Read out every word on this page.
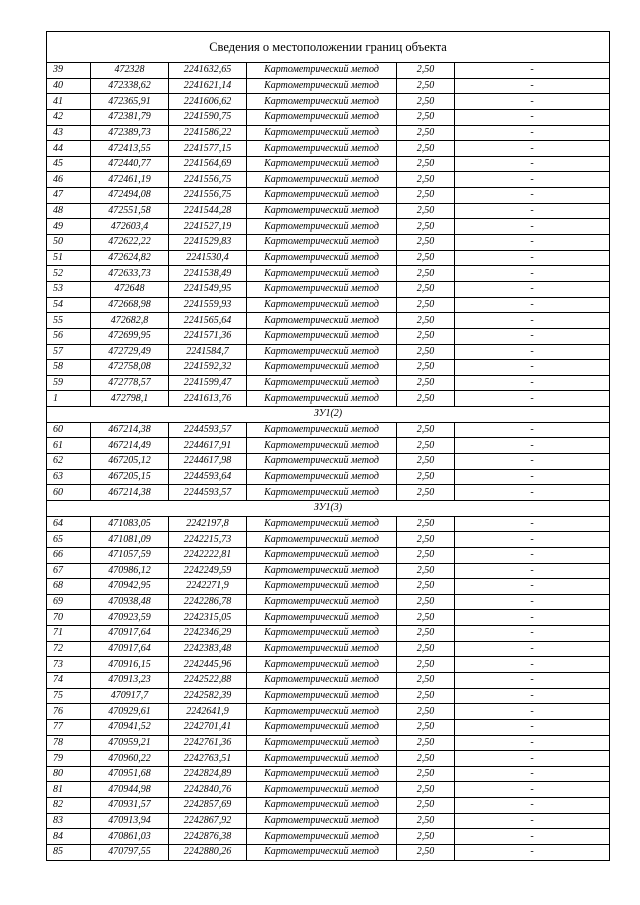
Сведения о местоположении границ объекта					
39	472328	2241632,65	Картометрический метод	2,50	-
40	472338,62	2241621,14	Картометрический метод	2,50	-
41	472365,91	2241606,62	Картометрический метод	2,50	-
42	472381,79	2241590,75	Картометрический метод	2,50	-
43	472389,73	2241586,22	Картометрический метод	2,50	-
44	472413,55	2241577,15	Картометрический метод	2,50	-
45	472440,77	2241564,69	Картометрический метод	2,50	-
46	472461,19	2241556,75	Картометрический метод	2,50	-
47	472494,08	2241556,75	Картометрический метод	2,50	-
48	472551,58	2241544,28	Картометрический метод	2,50	-
49	472603,4	2241527,19	Картометрический метод	2,50	-
50	472622,22	2241529,83	Картометрический метод	2,50	-
51	472624,82	2241530,4	Картометрический метод	2,50	-
52	472633,73	2241538,49	Картометрический метод	2,50	-
53	472648	2241549,95	Картометрический метод	2,50	-
54	472668,98	2241559,93	Картометрический метод	2,50	-
55	472682,8	2241565,64	Картометрический метод	2,50	-
56	472699,95	2241571,36	Картометрический метод	2,50	-
57	472729,49	2241584,7	Картометрический метод	2,50	-
58	472758,08	2241592,32	Картометрический метод	2,50	-
59	472778,57	2241599,47	Картометрический метод	2,50	-
1	472798,1	2241613,76	Картометрический метод	2,50	-
ЗУ1(2)					
60	467214,38	2244593,57	Картометрический метод	2,50	-
61	467214,49	2244617,91	Картометрический метод	2,50	-
62	467205,12	2244617,98	Картометрический метод	2,50	-
63	467205,15	2244593,64	Картометрический метод	2,50	-
60	467214,38	2244593,57	Картометрический метод	2,50	-
ЗУ1(3)					
64	471083,05	2242197,8	Картометрический метод	2,50	-
65	471081,09	2242215,73	Картометрический метод	2,50	-
66	471057,59	2242222,81	Картометрический метод	2,50	-
67	470986,12	2242249,59	Картометрический метод	2,50	-
68	470942,95	2242271,9	Картометрический метод	2,50	-
69	470938,48	2242286,78	Картометрический метод	2,50	-
70	470923,59	2242315,05	Картометрический метод	2,50	-
71	470917,64	2242346,29	Картометрический метод	2,50	-
72	470917,64	2242383,48	Картометрический метод	2,50	-
73	470916,15	2242445,96	Картометрический метод	2,50	-
74	470913,23	2242522,88	Картометрический метод	2,50	-
75	470917,7	2242582,39	Картометрический метод	2,50	-
76	470929,61	2242641,9	Картометрический метод	2,50	-
77	470941,52	2242701,41	Картометрический метод	2,50	-
78	470959,21	2242761,36	Картометрический метод	2,50	-
79	470960,22	2242763,51	Картометрический метод	2,50	-
80	470951,68	2242824,89	Картометрический метод	2,50	-
81	470944,98	2242840,76	Картометрический метод	2,50	-
82	470931,57	2242857,69	Картометрический метод	2,50	-
83	470913,94	2242867,92	Картометрический метод	2,50	-
84	470861,03	2242876,38	Картометрический метод	2,50	-
85	470797,55	2242880,26	Картометрический метод	2,50	-
